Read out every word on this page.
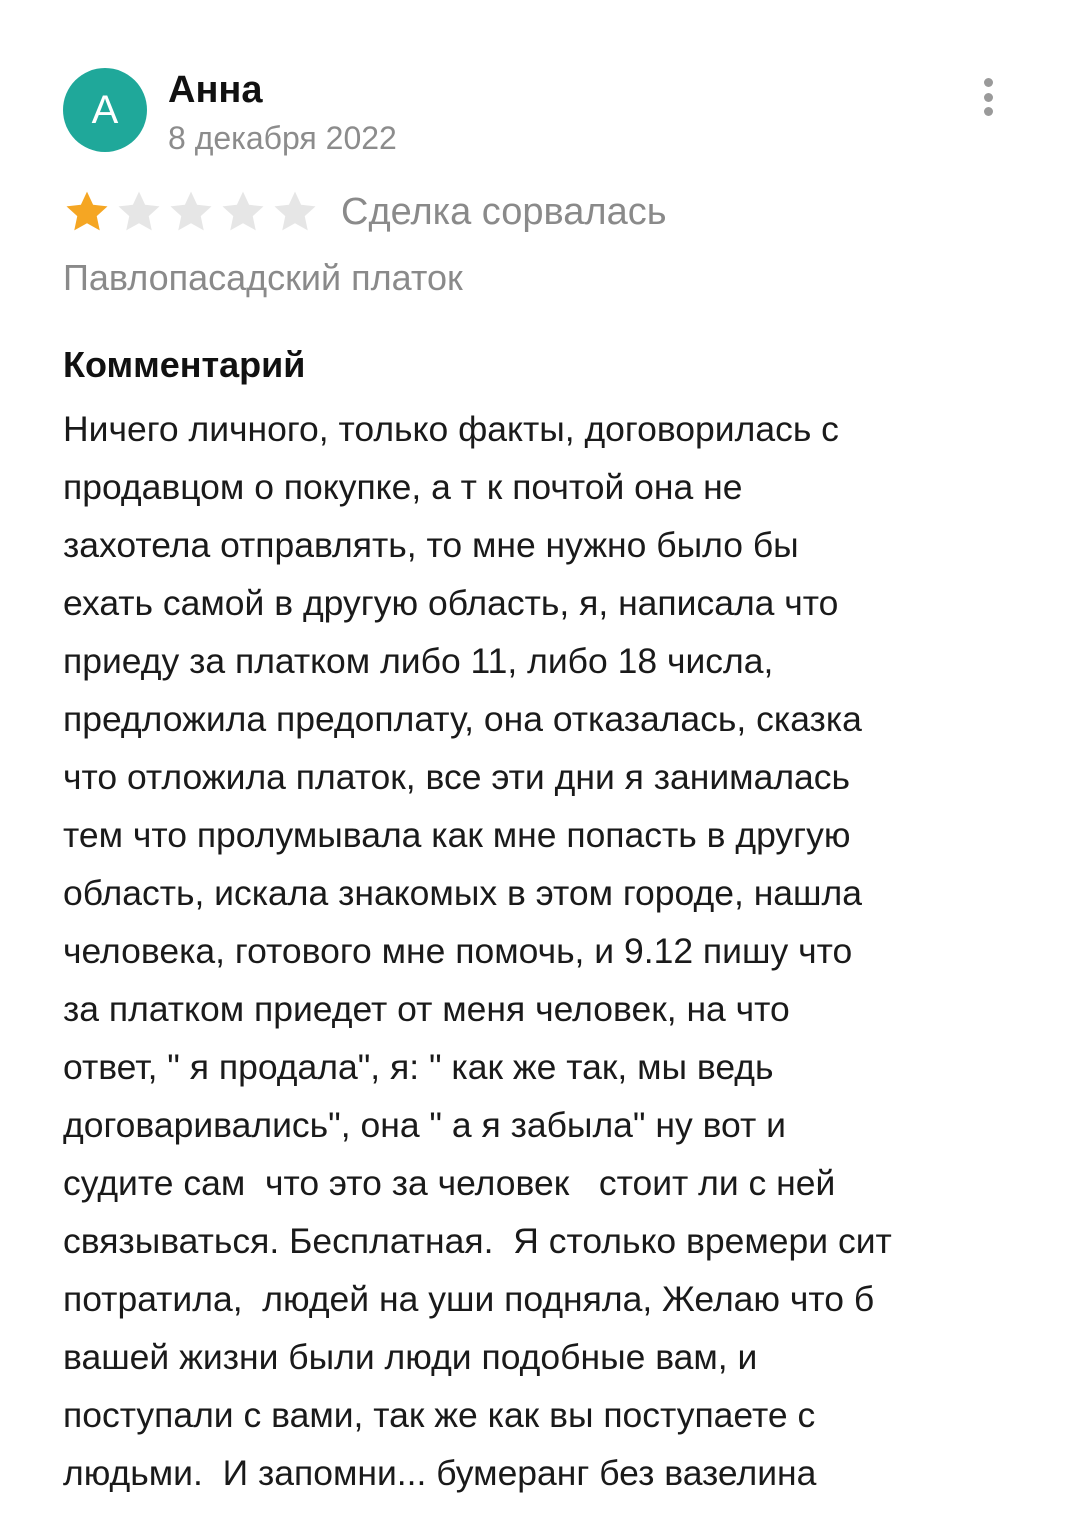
А Анна
8 декабря 2022
Сделка сорвалась
Павлопасадский платок
Комментарий
Ничего личного, только факты, договорилась с
продавцом о покупке, а т к почтой она не
захотела отправлять, то мне нужно было бы
ехать самой в другую область, я, написала что
приеду за платком либо 11, либо 18 числа,
предложила предоплату, она отказалась, сказка
что отложила платок, все эти дни я занималась
тем что пролумывала как мне попасть в другую
область, искала знакомых в этом городе, нашла
человека, готового мне помочь, и 9.12 пишу что
за платком приедет от меня человек, на что
ответ, " я продала", я: " как же так, мы ведь
договаривались", она " а я забыла" ну вот и
судите сам  что это за человек   стоит ли с ней
связываться. Бесплатная.  Я столько времери сит
потратила,  людей на уши подняла, Желаю что б
вашей жизни были люди подобные вам, и
поступали с вами, так же как вы поступаете с
людьми.  И запомни... бумеранг без вазелина
